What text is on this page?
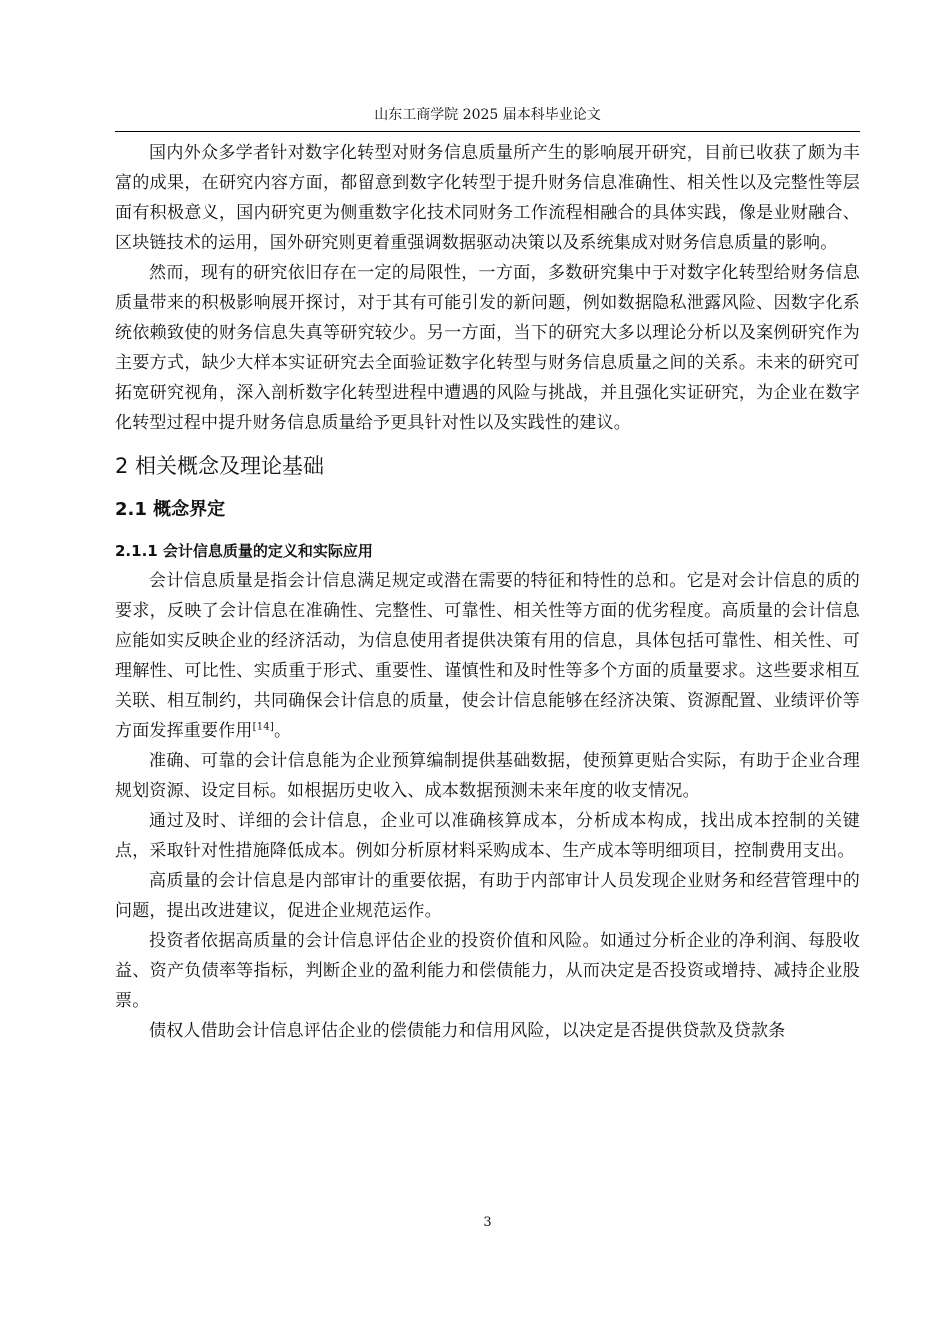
山东工商学院 2025 届本科毕业论文

国内外众多学者针对数字化转型对财务信息质量所产生的影响展开研究，目前已收获了颇为丰富的成果，在研究内容方面，都留意到数字化转型于提升财务信息准确性、相关性以及完整性等层面有积极意义，国内研究更为侧重数字化技术同财务工作流程相融合的具体实践，像是业财融合、区块链技术的运用，国外研究则更着重强调数据驱动决策以及系统集成对财务信息质量的影响。

然而，现有的研究依旧存在一定的局限性，一方面，多数研究集中于对数字化转型给财务信息质量带来的积极影响展开探讨，对于其有可能引发的新问题，例如数据隐私泄露风险、因数字化系统依赖致使的财务信息失真等研究较少。另一方面，当下的研究大多以理论分析以及案例研究作为主要方式，缺少大样本实证研究去全面验证数字化转型与财务信息质量之间的关系。未来的研究可拓宽研究视角，深入剖析数字化转型进程中遭遇的风险与挑战，并且强化实证研究，为企业在数字化转型过程中提升财务信息质量给予更具针对性以及实践性的建议。

2 相关概念及理论基础
2.1 概念界定
2.1.1 会计信息质量的定义和实际应用

会计信息质量是指会计信息满足规定或潜在需要的特征和特性的总和。它是对会计信息的质的要求，反映了会计信息在准确性、完整性、可靠性、相关性等方面的优劣程度。高质量的会计信息应能如实反映企业的经济活动，为信息使用者提供决策有用的信息，具体包括可靠性、相关性、可理解性、可比性、实质重于形式、重要性、谨慎性和及时性等多个方面的质量要求。这些要求相互关联、相互制约，共同确保会计信息的质量，使会计信息能够在经济决策、资源配置、业绩评价等方面发挥重要作用[14]。

准确、可靠的会计信息能为企业预算编制提供基础数据，使预算更贴合实际，有助于企业合理规划资源、设定目标。如根据历史收入、成本数据预测未来年度的收支情况。

通过及时、详细的会计信息，企业可以准确核算成本，分析成本构成，找出成本控制的关键点，采取针对性措施降低成本。例如分析原材料采购成本、生产成本等明细项目，控制费用支出。

高质量的会计信息是内部审计的重要依据，有助于内部审计人员发现企业财务和经营管理中的问题，提出改进建议，促进企业规范运作。

投资者依据高质量的会计信息评估企业的投资价值和风险。如通过分析企业的净利润、每股收益、资产负债率等指标，判断企业的盈利能力和偿债能力，从而决定是否投资或增持、减持企业股票。

债权人借助会计信息评估企业的偿债能力和信用风险，以决定是否提供贷款及贷款条

3
